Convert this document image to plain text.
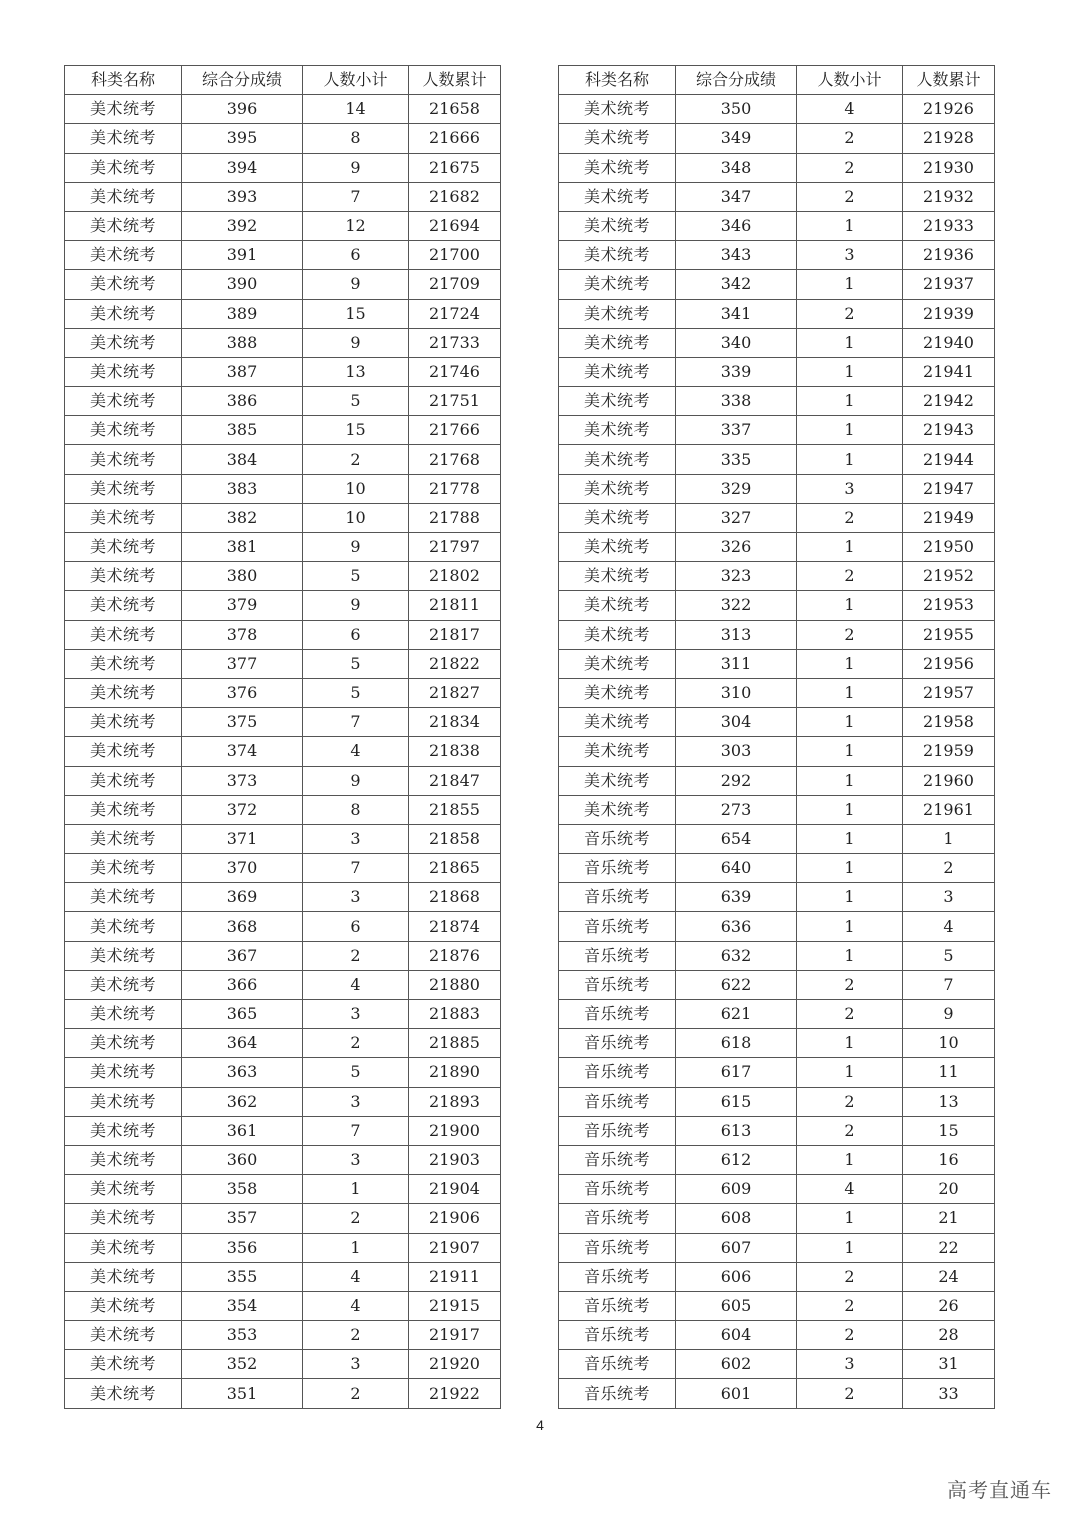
科类名称	综合分成绩	人数小计	人数累计
美术统考	396	14	21658
美术统考	395	8	21666
美术统考	394	9	21675
美术统考	393	7	21682
美术统考	392	12	21694
美术统考	391	6	21700
美术统考	390	9	21709
美术统考	389	15	21724
美术统考	388	9	21733
美术统考	387	13	21746
美术统考	386	5	21751
美术统考	385	15	21766
美术统考	384	2	21768
美术统考	383	10	21778
美术统考	382	10	21788
美术统考	381	9	21797
美术统考	380	5	21802
美术统考	379	9	21811
美术统考	378	6	21817
美术统考	377	5	21822
美术统考	376	5	21827
美术统考	375	7	21834
美术统考	374	4	21838
美术统考	373	9	21847
美术统考	372	8	21855
美术统考	371	3	21858
美术统考	370	7	21865
美术统考	369	3	21868
美术统考	368	6	21874
美术统考	367	2	21876
美术统考	366	4	21880
美术统考	365	3	21883
美术统考	364	2	21885
美术统考	363	5	21890
美术统考	362	3	21893
美术统考	361	7	21900
美术统考	360	3	21903
美术统考	358	1	21904
美术统考	357	2	21906
美术统考	356	1	21907
美术统考	355	4	21911
美术统考	354	4	21915
美术统考	353	2	21917
美术统考	352	3	21920
美术统考	351	2	21922
科类名称	综合分成绩	人数小计	人数累计
美术统考	350	4	21926
美术统考	349	2	21928
美术统考	348	2	21930
美术统考	347	2	21932
美术统考	346	1	21933
美术统考	343	3	21936
美术统考	342	1	21937
美术统考	341	2	21939
美术统考	340	1	21940
美术统考	339	1	21941
美术统考	338	1	21942
美术统考	337	1	21943
美术统考	335	1	21944
美术统考	329	3	21947
美术统考	327	2	21949
美术统考	326	1	21950
美术统考	323	2	21952
美术统考	322	1	21953
美术统考	313	2	21955
美术统考	311	1	21956
美术统考	310	1	21957
美术统考	304	1	21958
美术统考	303	1	21959
美术统考	292	1	21960
美术统考	273	1	21961
音乐统考	654	1	1
音乐统考	640	1	2
音乐统考	639	1	3
音乐统考	636	1	4
音乐统考	632	1	5
音乐统考	622	2	7
音乐统考	621	2	9
音乐统考	618	1	10
音乐统考	617	1	11
音乐统考	615	2	13
音乐统考	613	2	15
音乐统考	612	1	16
音乐统考	609	4	20
音乐统考	608	1	21
音乐统考	607	1	22
音乐统考	606	2	24
音乐统考	605	2	26
音乐统考	604	2	28
音乐统考	602	3	31
音乐统考	601	2	33
4
高考直通车
